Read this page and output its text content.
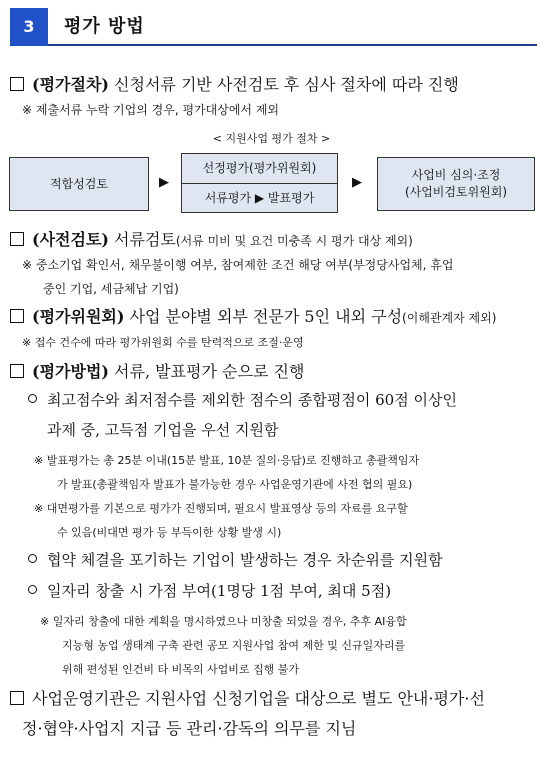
3	평가 방법
(평가절차) 신청서류 기반 사전검토 후 심사 절차에 따라 진행
※ 제출서류 누락 기업의 경우, 평가대상에서 제외
< 지원사업 평가 절차 >
적합성검토	▶
선정평가(평가위원회)
서류평가 ▶ 발표평가
▶	사업비 심의·조정
(사업비검토위원회)
(사전검토) 서류검토(서류 미비 및 요건 미충족 시 평가 대상 제외)
※ 중소기업 확인서, 채무불이행 여부, 참여제한 조건 해당 여부(부정당사업체, 휴업
중인 기업, 세금체납 기업)
(평가위원회) 사업 분야별 외부 전문가 5인 내외 구성(이해관계자 제외)
※ 접수 건수에 따라 평가위원회 수를 탄력적으로 조절·운영
(평가방법) 서류, 발표평가 순으로 진행
최고점수와 최저점수를 제외한 점수의 종합평점이 60점 이상인
과제 중, 고득점 기업을 우선 지원함
※ 발표평가는 총 25분 이내(15분 발표, 10분 질의·응답)로 진행하고 총괄책임자
가 발표(총괄책임자 발표가 불가능한 경우 사업운영기관에 사전 협의 필요)
※ 대면평가를 기본으로 평가가 진행되며, 필요시 발표영상 등의 자료를 요구할
수 있음(비대면 평가 등 부득이한 상황 발생 시)
협약 체결을 포기하는 기업이 발생하는 경우 차순위를 지원함
일자리 창출 시 가점 부여(1명당 1점 부여, 최대 5점)
※ 일자리 창출에 대한 계획을 명시하였으나 미창출 되었을 경우, 추후 AI융합
지능형 농업 생태계 구축 관련 공모 지원사업 참여 제한 및 신규일자리를
위해 편성된 인건비 타 비목의 사업비로 집행 불가
사업운영기관은 지원사업 신청기업을 대상으로 별도 안내·평가·선
정·협약·사업지 지급 등 관리·감독의 의무를 지님
